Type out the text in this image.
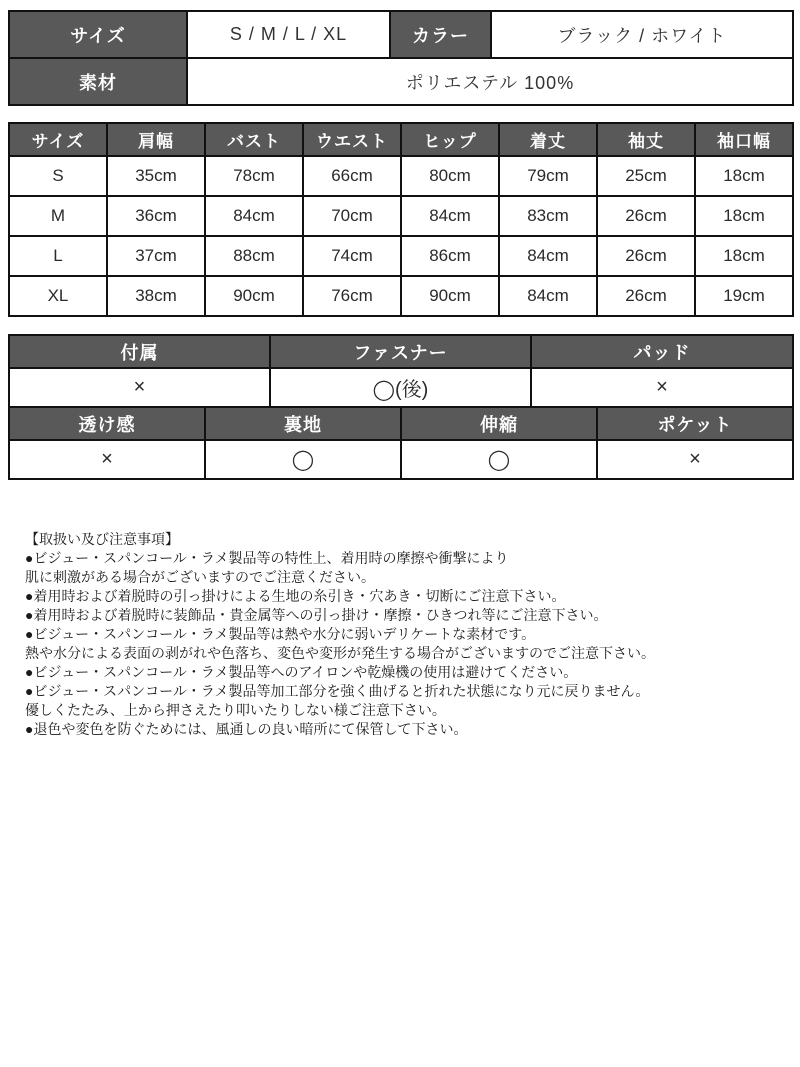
サイズ	S / M / L / XL	カラー	ブラック / ホワイト
素材	ポリエステル 100%		
サイズ	肩幅	バスト	ウエスト	ヒップ	着丈	袖丈	袖口幅
S	35cm	78cm	66cm	80cm	79cm	25cm	18cm
M	36cm	84cm	70cm	84cm	83cm	26cm	18cm
L	37cm	88cm	74cm	86cm	84cm	26cm	18cm
XL	38cm	90cm	76cm	90cm	84cm	26cm	19cm
付属	ファスナー	パッド
×	◯(後)	×
透け感	裏地	伸縮	ポケット
×	◯	◯	×
【取扱い及び注意事項】
●ビジュー・スパンコール・ラメ製品等の特性上、着用時の摩擦や衝撃により
肌に刺激がある場合がございますのでご注意ください。
●着用時および着脱時の引っ掛けによる生地の糸引き・穴あき・切断にご注意下さい。
●着用時および着脱時に装飾品・貴金属等への引っ掛け・摩擦・ひきつれ等にご注意下さい。
●ビジュー・スパンコール・ラメ製品等は熱や水分に弱いデリケートな素材です。
熱や水分による表面の剥がれや色落ち、変色や変形が発生する場合がございますのでご注意下さい。
●ビジュー・スパンコール・ラメ製品等へのアイロンや乾燥機の使用は避けてください。
●ビジュー・スパンコール・ラメ製品等加工部分を強く曲げると折れた状態になり元に戻りません。
優しくたたみ、上から押さえたり叩いたりしない様ご注意下さい。
●退色や変色を防ぐためには、風通しの良い暗所にて保管して下さい。
